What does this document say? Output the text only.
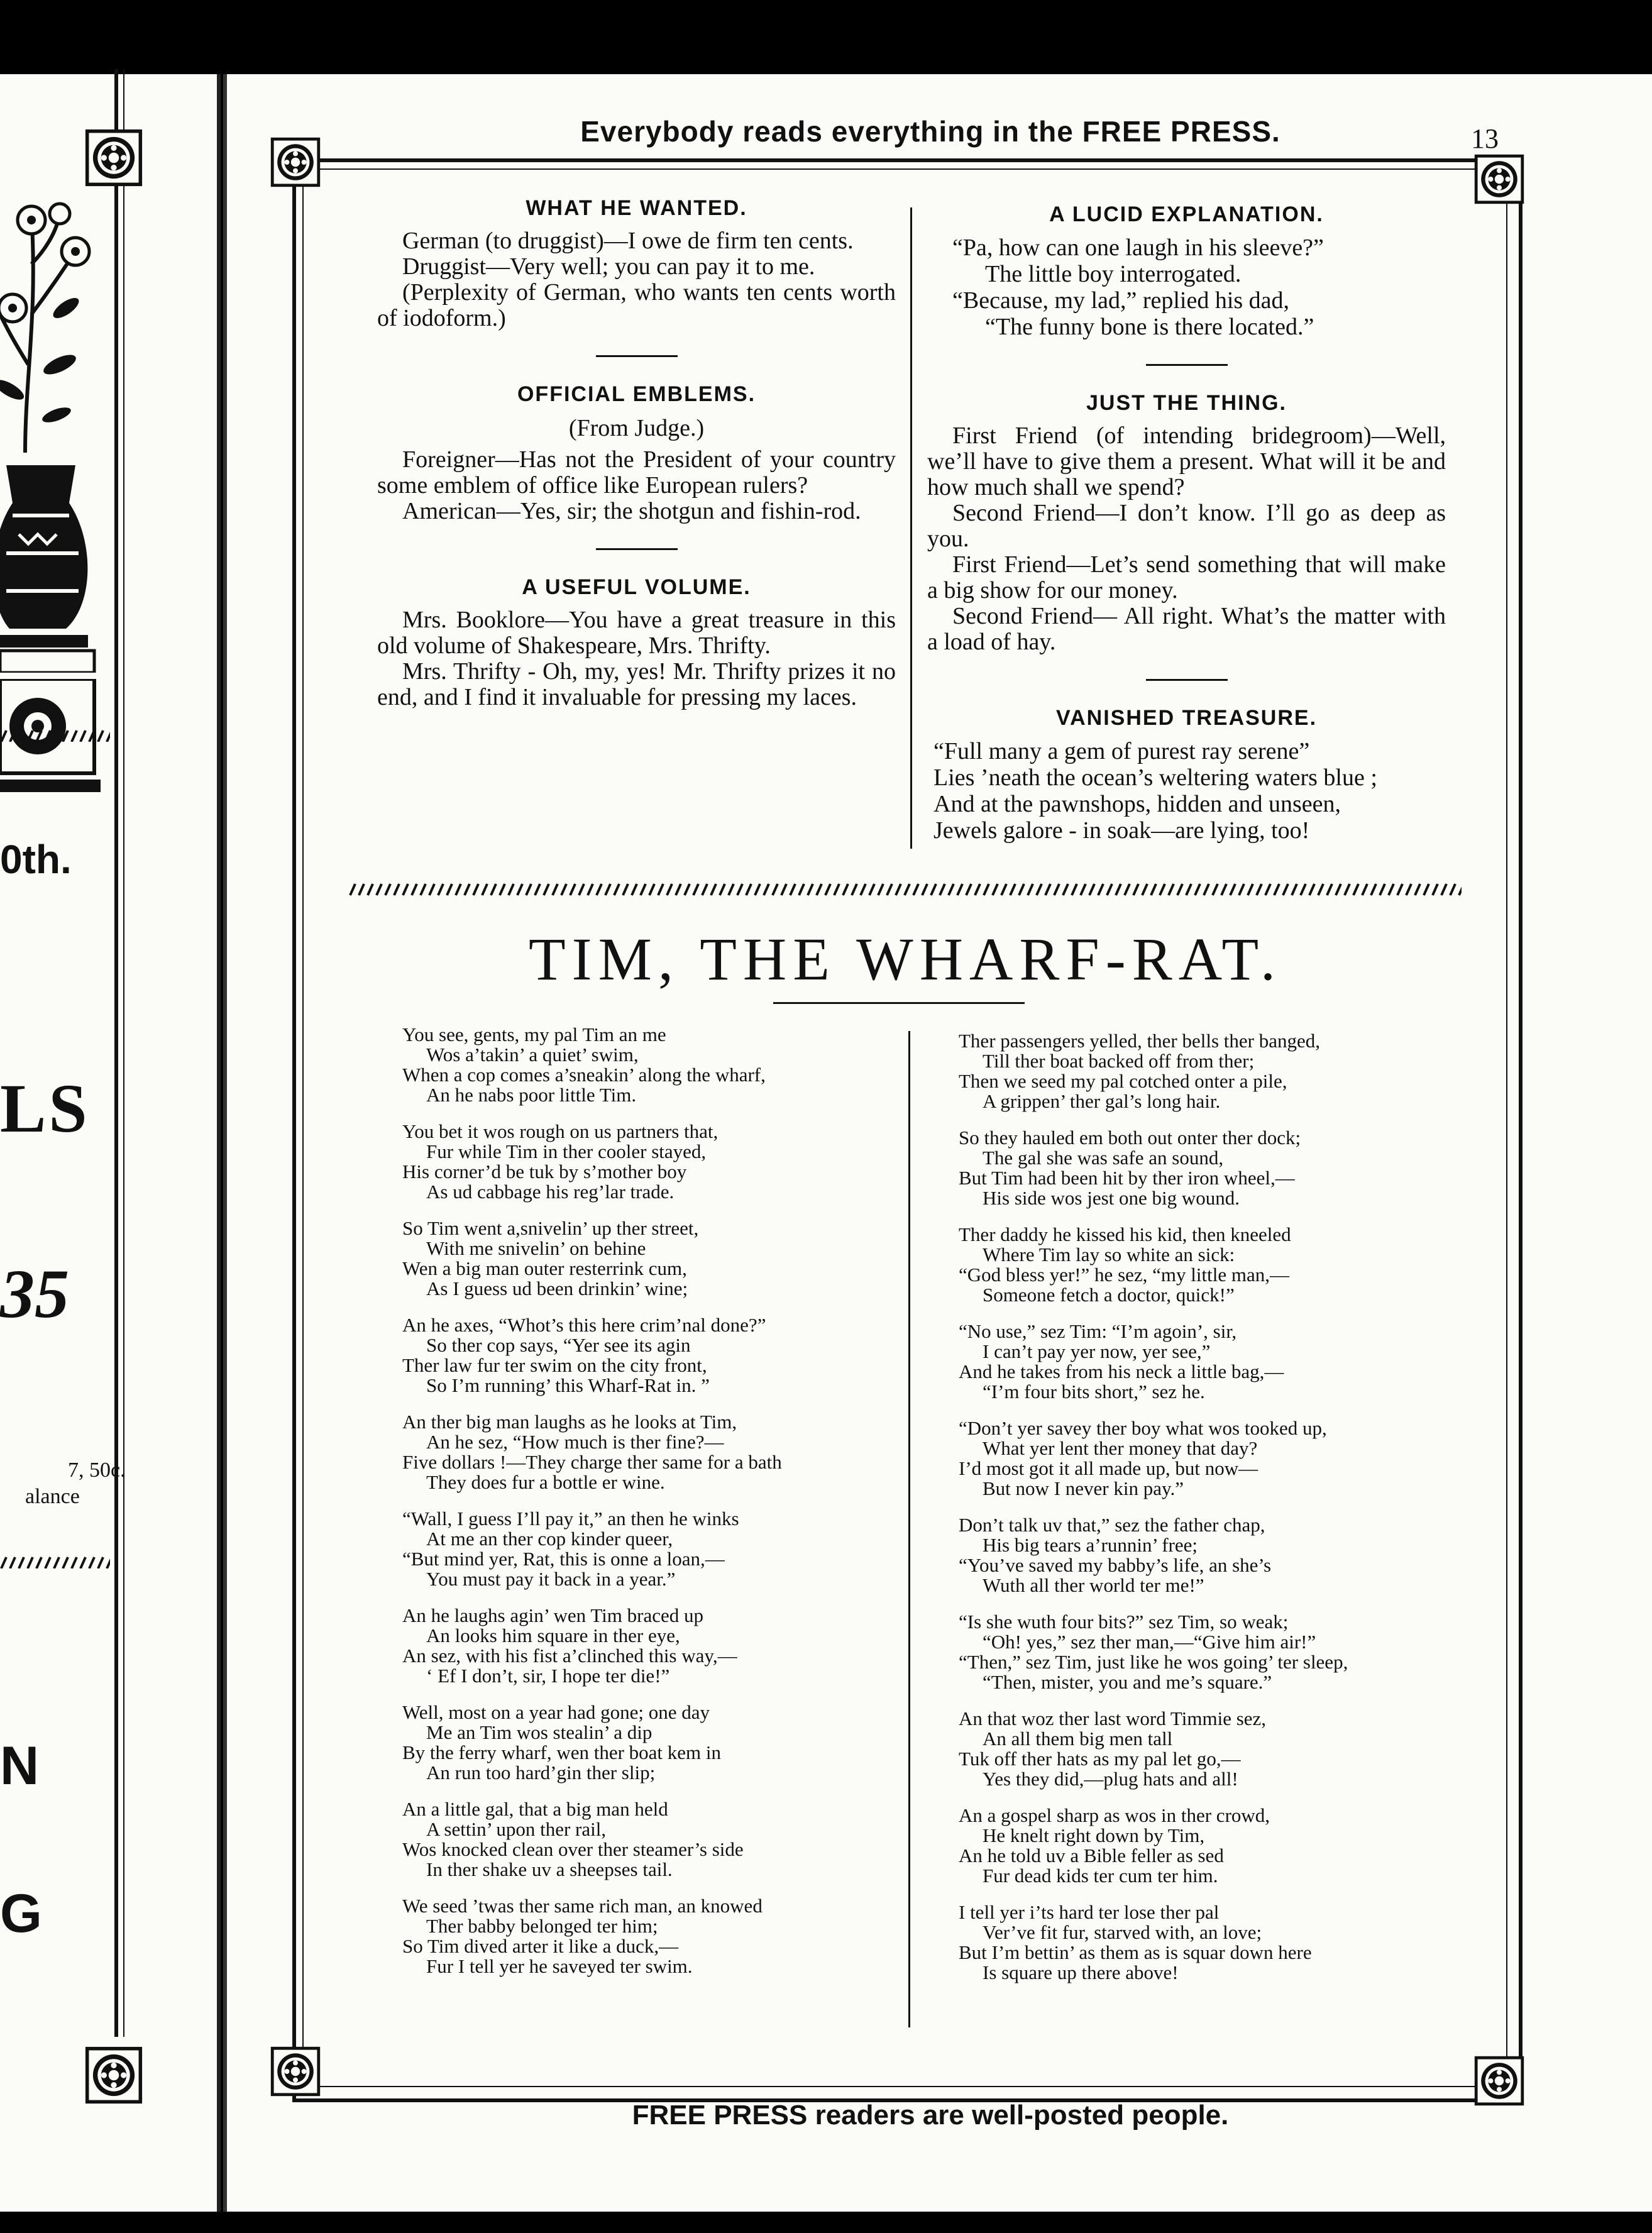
0th.
LS
35
7, 50c.
alance
N
G
Everybody reads everything in the FREE PRESS.	13
WHAT HE WANTED.

German (to druggist)—I owe de firm ten cents.

Druggist—Very well; you can pay it to me.

(Perplexity of German, who wants ten cents worth of iodoform.)

OFFICIAL EMBLEMS.
(From Judge.)

Foreigner—Has not the President of your country some emblem of office like European rulers?

American—Yes, sir; the shotgun and fishin-rod.

A USEFUL VOLUME.

Mrs. Booklore—You have a great treasure in this old volume of Shakespeare, Mrs. Thrifty.

Mrs. Thrifty - Oh, my, yes! Mr. Thrifty prizes it no end, and I find it invaluable for pressing my laces.

A LUCID EXPLANATION.

“Pa, how can one laugh in his sleeve?”

The little boy interrogated.

“Because, my lad,” replied his dad,

“The funny bone is there located.”

JUST THE THING.

First Friend (of intending bridegroom)—Well, we’ll have to give them a present. What will it be and how much shall we spend?

Second Friend—I don’t know. I’ll go as deep as you.

First Friend—Let’s send something that will make a big show for our money.

Second Friend— All right. What’s the matter with a load of hay.

VANISHED TREASURE.

“Full many a gem of purest ray serene”

Lies ’neath the ocean’s weltering waters blue ;

And at the pawnshops, hidden and unseen,

Jewels galore - in soak—are lying, too!

TIM, THE WHARF-RAT.

You see, gents, my pal Tim an me

Wos a’takin’ a quiet’ swim,

When a cop comes a’sneakin’ along the wharf,

An he nabs poor little Tim.

You bet it wos rough on us partners that,

Fur while Tim in ther cooler stayed,

His corner’d be tuk by s’mother boy

As ud cabbage his reg’lar trade.

So Tim went a,snivelin’ up ther street,

With me snivelin’ on behine

Wen a big man outer resterrink cum,

As I guess ud been drinkin’ wine;

An he axes, “Whot’s this here crim’nal done?”

So ther cop says, “Yer see its agin

Ther law fur ter swim on the city front,

So I’m running’ this Wharf-Rat in. ”

An ther big man laughs as he looks at Tim,

An he sez, “How much is ther fine?—

Five dollars !—They charge ther same for a bath

They does fur a bottle er wine.

“Wall, I guess I’ll pay it,” an then he winks

At me an ther cop kinder queer,

“But mind yer, Rat, this is onne a loan,—

You must pay it back in a year.”

An he laughs agin’ wen Tim braced up

An looks him square in ther eye,

An sez, with his fist a’clinched this way,—

‘ Ef I don’t, sir, I hope ter die!”

Well, most on a year had gone; one day

Me an Tim wos stealin’ a dip

By the ferry wharf, wen ther boat kem in

An run too hard’gin ther slip;

An a little gal, that a big man held

A settin’ upon ther rail,

Wos knocked clean over ther steamer’s side

In ther shake uv a sheepses tail.

We seed ’twas ther same rich man, an knowed

Ther babby belonged ter him;

So Tim dived arter it like a duck,—

Fur I tell yer he saveyed ter swim.

Ther passengers yelled, ther bells ther banged,

Till ther boat backed off from ther;

Then we seed my pal cotched onter a pile,

A grippen’ ther gal’s long hair.

So they hauled em both out onter ther dock;

The gal she was safe an sound,

But Tim had been hit by ther iron wheel,—

His side wos jest one big wound.

Ther daddy he kissed his kid, then kneeled

Where Tim lay so white an sick:

“God bless yer!” he sez, “my little man,—

Someone fetch a doctor, quick!”

“No use,” sez Tim: “I’m agoin’, sir,

I can’t pay yer now, yer see,”

And he takes from his neck a little bag,—

“I’m four bits short,” sez he.

“Don’t yer savey ther boy what wos tooked up,

What yer lent ther money that day?

I’d most got it all made up, but now—

But now I never kin pay.”

Don’t talk uv that,” sez the father chap,

His big tears a’runnin’ free;

“You’ve saved my babby’s life, an she’s

Wuth all ther world ter me!”

“Is she wuth four bits?” sez Tim, so weak;

“Oh! yes,” sez ther man,—“Give him air!”

“Then,” sez Tim, just like he wos going’ ter sleep,

“Then, mister, you and me’s square.”

An that woz ther last word Timmie sez,

An all them big men tall

Tuk off ther hats as my pal let go,—

Yes they did,—plug hats and all!

An a gospel sharp as wos in ther crowd,

He knelt right down by Tim,

An he told uv a Bible feller as sed

Fur dead kids ter cum ter him.

I tell yer i’ts hard ter lose ther pal

Ver’ve fit fur, starved with, an love;

But I’m bettin’ as them as is squar down here

Is square up there above!

FREE PRESS readers are well-posted people.
